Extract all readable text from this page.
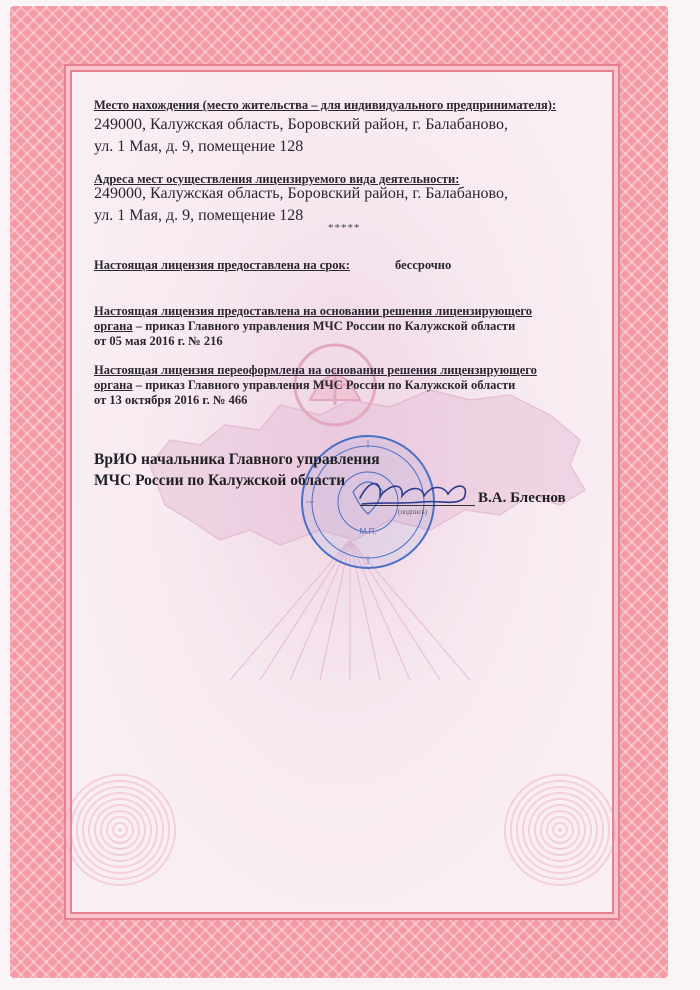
Место нахождения (место жительства – для индивидуального предпринимателя):
249000, Калужская область, Боровский район, г. Балабаново,
ул. 1 Мая, д. 9, помещение 128
Адреса мест осуществления лицензируемого вида деятельности:
249000, Калужская область, Боровский район, г. Балабаново,
ул. 1 Мая, д. 9, помещение 128
*****
Настоящая лицензия предоставлена на срок:	бессрочно
Настоящая лицензия предоставлена на основании решения лицензирующего
органа – приказ Главного управления МЧС России по Калужской области
от 05 мая 2016 г. № 216
Настоящая лицензия переоформлена на основании решения лицензирующего
органа – приказ Главного управления МЧС России по Калужской области
от 13 октября 2016 г. № 466
М.П.
ВрИО начальника Главного управления
МЧС России по Калужской области
(подпись)
В.А. Блеснов
